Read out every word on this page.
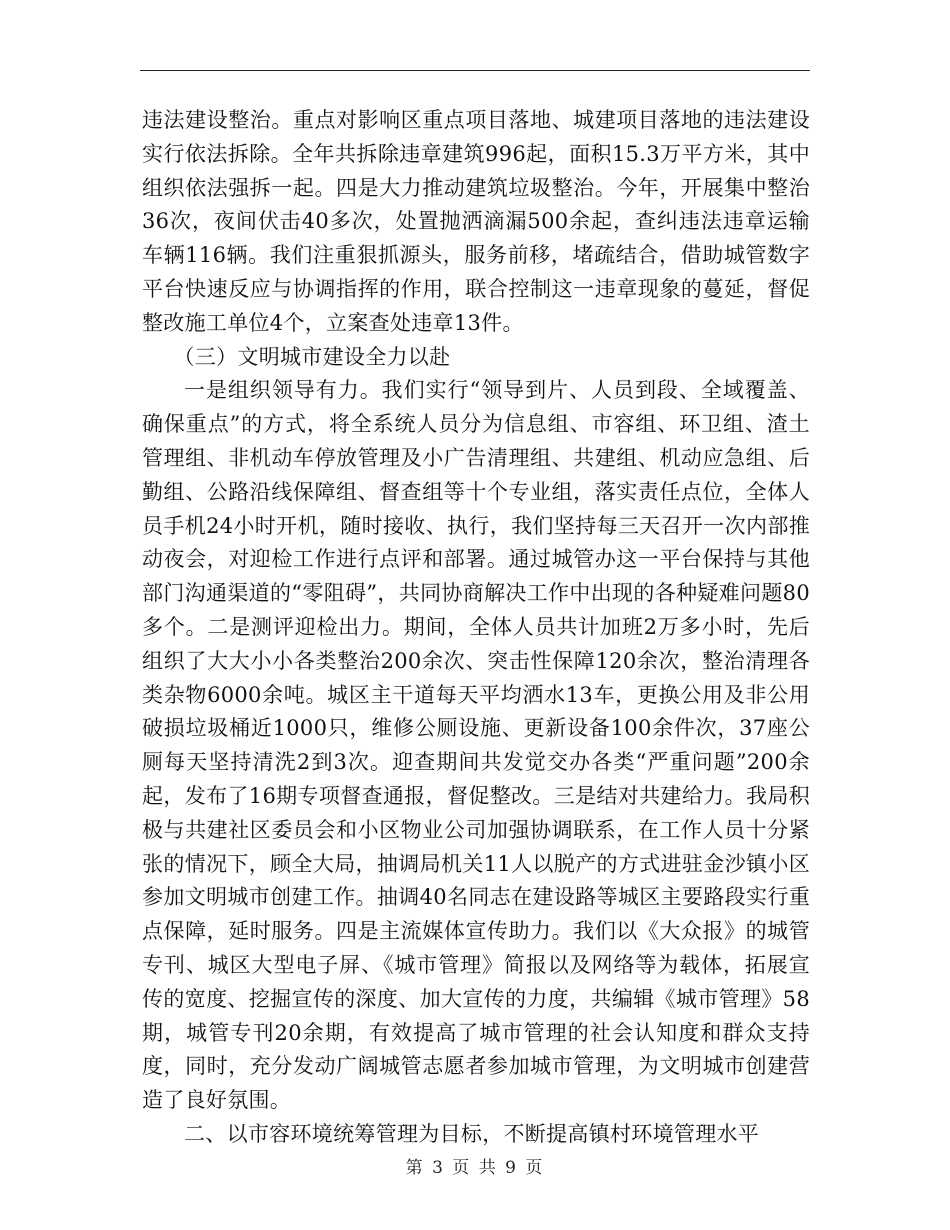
违法建设整治。重点对影响区重点项目落地、城建项目落地的违法建设实行依法拆除。全年共拆除违章建筑996起，面积15.3万平方米，其中组织依法强拆一起。四是大力推动建筑垃圾整治。今年，开展集中整治36次，夜间伏击40多次，处置抛洒滴漏500余起，查纠违法违章运输车辆116辆。我们注重狠抓源头，服务前移，堵疏结合，借助城管数字平台快速反应与协调指挥的作用，联合控制这一违章现象的蔓延，督促整改施工单位4个，立案查处违章13件。

（三）文明城市建设全力以赴

一是组织领导有力。我们实行“领导到片、人员到段、全域覆盖、确保重点”的方式，将全系统人员分为信息组、市容组、环卫组、渣土管理组、非机动车停放管理及小广告清理组、共建组、机动应急组、后勤组、公路沿线保障组、督查组等十个专业组，落实责任点位，全体人员手机24小时开机，随时接收、执行，我们坚持每三天召开一次内部推动夜会，对迎检工作进行点评和部署。通过城管办这一平台保持与其他部门沟通渠道的“零阻碍”，共同协商解决工作中出现的各种疑难问题80多个。二是测评迎检出力。期间，全体人员共计加班2万多小时，先后组织了大大小小各类整治200余次、突击性保障120余次，整治清理各类杂物6000余吨。城区主干道每天平均洒水13车，更换公用及非公用破损垃圾桶近1000只，维修公厕设施、更新设备100余件次，37座公厕每天坚持清洗2到3次。迎查期间共发觉交办各类“严重问题”200余起，发布了16期专项督查通报，督促整改。三是结对共建给力。我局积极与共建社区委员会和小区物业公司加强协调联系，在工作人员十分紧张的情况下，顾全大局，抽调局机关11人以脱产的方式进驻金沙镇小区参加文明城市创建工作。抽调40名同志在建设路等城区主要路段实行重点保障，延时服务。四是主流媒体宣传助力。我们以《大众报》的城管专刊、城区大型电子屏、《城市管理》简报以及网络等为载体，拓展宣传的宽度、挖掘宣传的深度、加大宣传的力度，共编辑《城市管理》58期，城管专刊20余期，有效提高了城市管理的社会认知度和群众支持度，同时，充分发动广阔城管志愿者参加城市管理，为文明城市创建营造了良好氛围。

二、以市容环境统筹管理为目标，不断提高镇村环境管理水平

第 3 页 共 9 页
